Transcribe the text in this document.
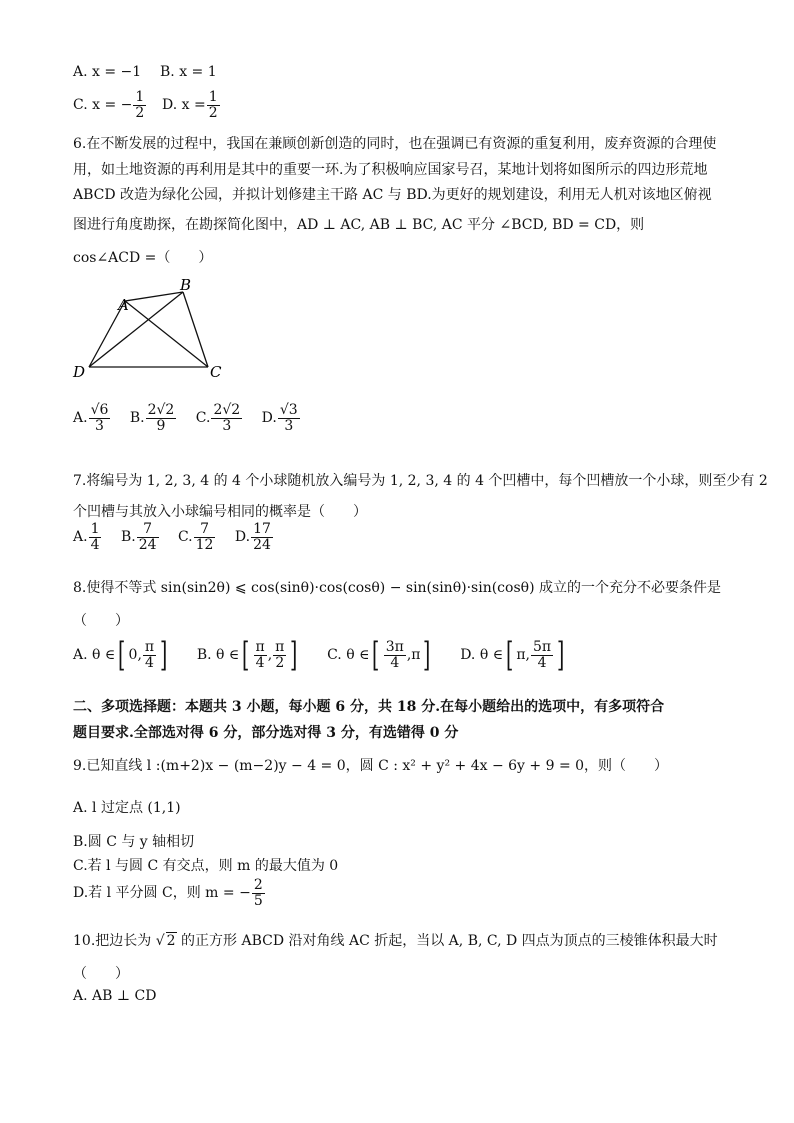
A. x = −1 B. x = 1
C. x = − $\frac{1}{2} D$. $x = \frac{1}{2}$
6.在不断发展的过程中，我国在兼顾创新创造的同时，也在强调已有资源的重复利用，废弃资源的合理使
用，如土地资源的再利用是其中的重要一环.为了积极响应国家号召，某地计划将如图所示的四边形荒地
ABCD 改造为绿化公园，并拟计划修建主干路 AC 与 BD.为更好的规划建设，利用无人机对该地区俯视
图进行角度勘探，在勘探简化图中，AD ⊥ AC, AB ⊥ BC, AC 平分 ∠BCD, BD = CD，则
cos∠ACD =（　　）
A
B
C
D
A. $\frac{√6}{3} B$. $\frac{2√2}{9} C$. $\frac{2√2}{3} D$. $\frac{√3}{3}$
7.将编号为 1, 2, 3, 4 的 4 个小球随机放入编号为 1, 2, 3, 4 的 4 个凹槽中，每个凹槽放一个小球，则至少有 2
个凹槽与其放入小球编号相同的概率是（　　）
A. $\frac{1}{4} B$. $\frac{7}{24} C$. $\frac{7}{12} D$. $\frac{17}{24}$
8.使得不等式 sin(sin2θ) ⩽ cos(sinθ)·cos(cosθ) − sin(sinθ)·sin(cosθ) 成立的一个充分不必要条件是
（　　）
A. θ ∈[ 0, $\frac{\pi}{4}$ ] B. θ ∈[ $\frac{\pi}{4}$ , $\frac{\pi}{2}$ ] C. θ ∈[ $\frac{3\pi}{4} ,\pi$] D. θ ∈[ π, $\frac{5\pi}{4}$ ]
二、多项选择题：本题共 3 小题，每小题 6 分，共 18 分.在每小题给出的选项中，有多项符合
题目要求.全部选对得 6 分，部分选对得 3 分，有选错得 0 分
9.已知直线 l :(m+2)x − (m−2)y − 4 = 0，圆 C : x² + y² + 4x − 6y + 9 = 0，则（　　）
A. l 过定点 (1,1)
B.圆 C 与 y 轴相切
C.若 l 与圆 C 有交点，则 m 的最大值为 0
D.若 l 平分圆 C，则 m = − $\frac{2}{5}$
10.把边长为 √ 2 的正方形 ABCD 沿对角线 AC 折起，当以 A, B, C, D 四点为顶点的三棱锥体积最大时
（　　）
A. AB ⊥ CD
